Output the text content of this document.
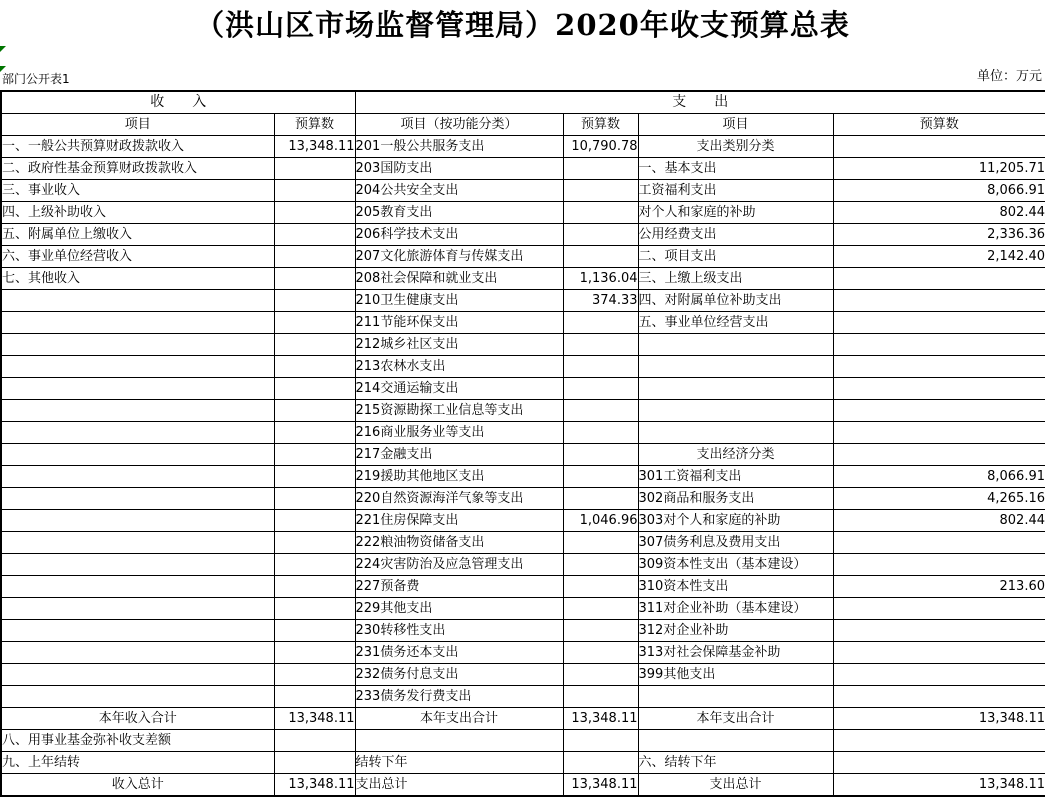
（洪山区市场监督管理局）2020年收支预算总表
部门公开表1	单位：万元
收　　入		支　　出			
项目	预算数	项目（按功能分类）	预算数	项目	预算数
一、一般公共预算财政拨款收入	13,348.11	201一般公共服务支出	10,790.78	支出类别分类	
二、政府性基金预算财政拨款收入		203国防支出		一、基本支出	11,205.71
三、事业收入		204公共安全支出		工资福利支出	8,066.91
四、上级补助收入		205教育支出		对个人和家庭的补助	802.44
五、附属单位上缴收入		206科学技术支出		公用经费支出	2,336.36
六、事业单位经营收入		207文化旅游体育与传媒支出		二、项目支出	2,142.40
七、其他收入		208社会保障和就业支出	1,136.04	三、上缴上级支出	
		210卫生健康支出	374.33	四、对附属单位补助支出	
		211节能环保支出		五、事业单位经营支出	
		212城乡社区支出			
		213农林水支出			
		214交通运输支出			
		215资源勘探工业信息等支出			
		216商业服务业等支出			
		217金融支出		支出经济分类	
		219援助其他地区支出		301工资福利支出	8,066.91
		220自然资源海洋气象等支出		302商品和服务支出	4,265.16
		221住房保障支出	1,046.96	303对个人和家庭的补助	802.44
		222粮油物资储备支出		307债务利息及费用支出	
		224灾害防治及应急管理支出		309资本性支出（基本建设）	
		227预备费		310资本性支出	213.60
		229其他支出		311对企业补助（基本建设）	
		230转移性支出		312对企业补助	
		231债务还本支出		313对社会保障基金补助	
		232债务付息支出		399其他支出	
		233债务发行费支出			
本年收入合计	13,348.11	本年支出合计	13,348.11	本年支出合计	13,348.11
八、用事业基金弥补收支差额					
九、上年结转		结转下年		六、结转下年	
收入总计	13,348.11	支出总计	13,348.11	支出总计	13,348.11
